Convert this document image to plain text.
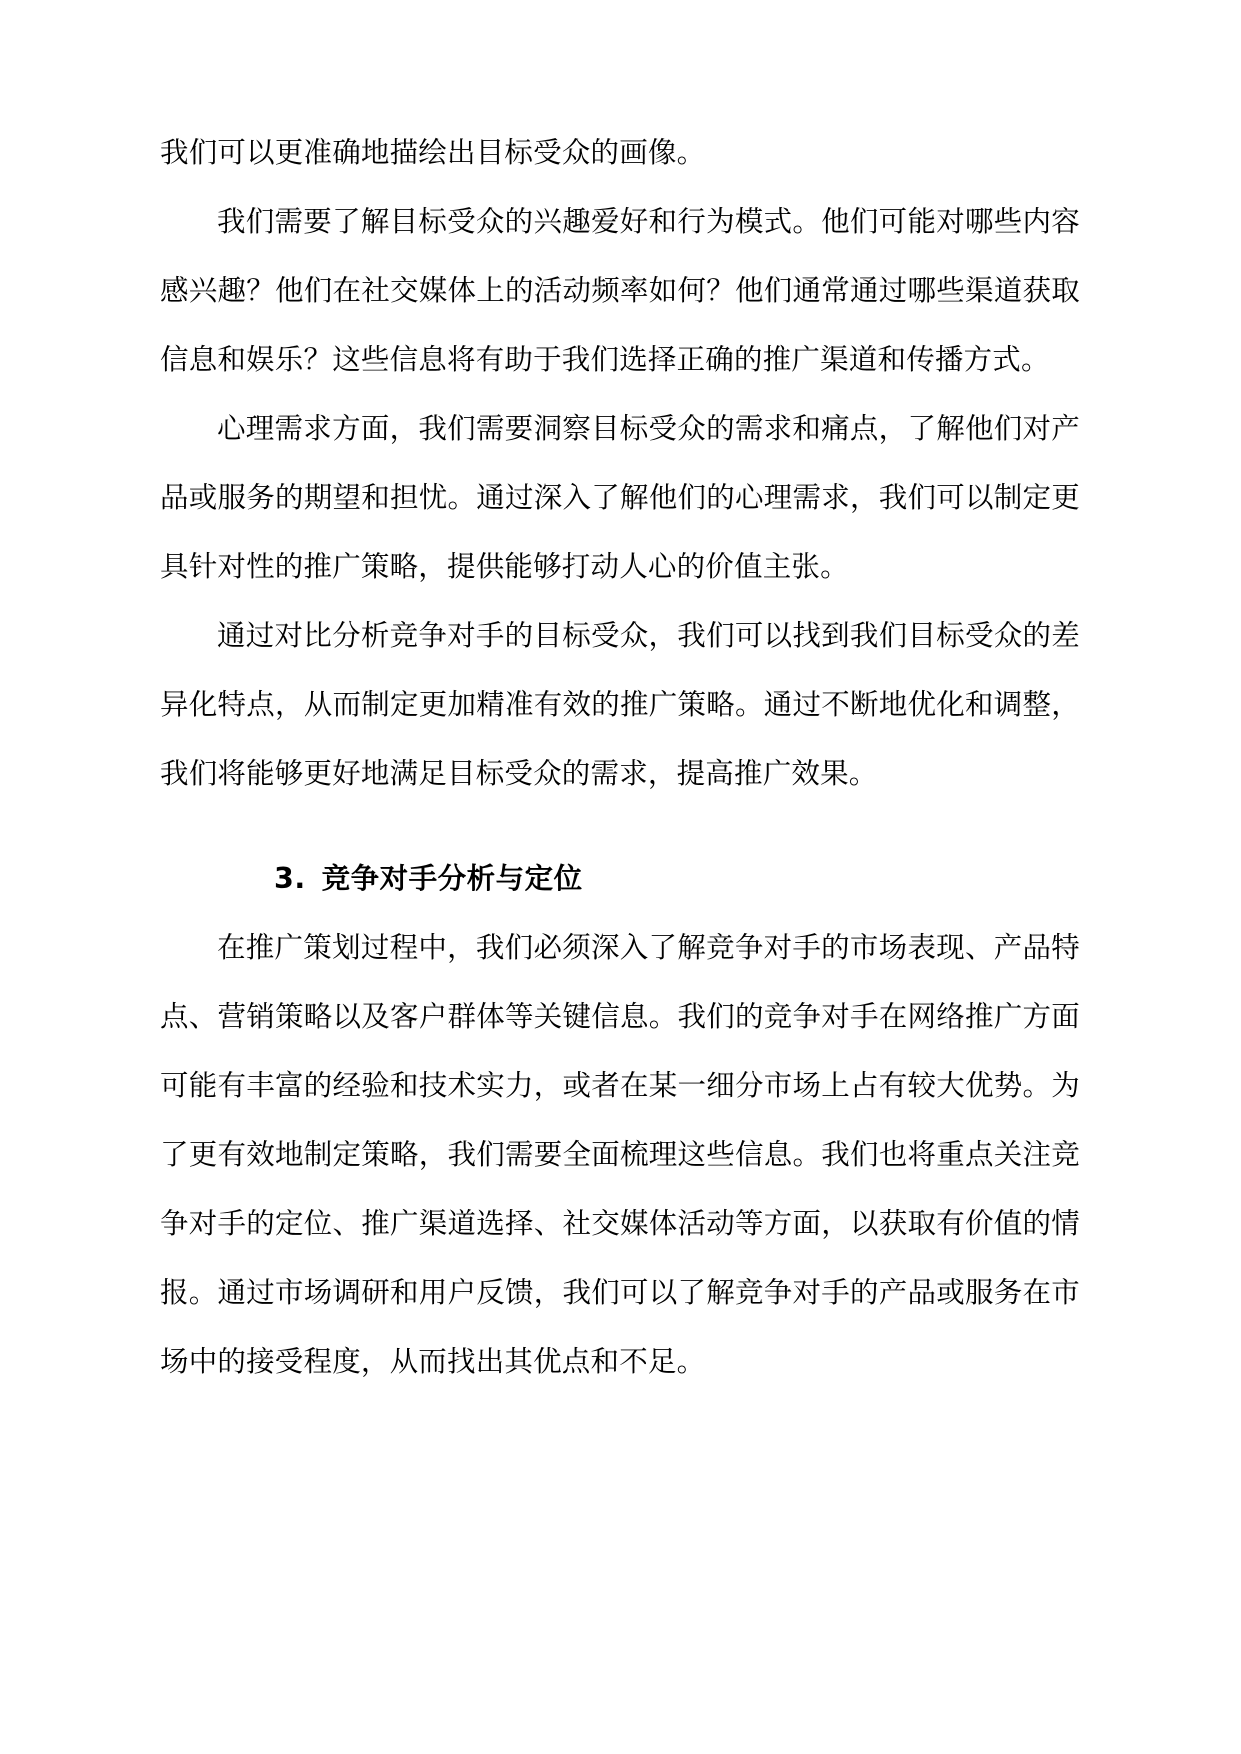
我们可以更准确地描绘出目标受众的画像。

我们需要了解目标受众的兴趣爱好和行为模式。他们可能对哪些内容感兴趣？他们在社交媒体上的活动频率如何？他们通常通过哪些渠道获取信息和娱乐？这些信息将有助于我们选择正确的推广渠道和传播方式。

心理需求方面，我们需要洞察目标受众的需求和痛点，了解他们对产品或服务的期望和担忧。通过深入了解他们的心理需求，我们可以制定更具针对性的推广策略，提供能够打动人心的价值主张。

通过对比分析竞争对手的目标受众，我们可以找到我们目标受众的差异化特点，从而制定更加精准有效的推广策略。通过不断地优化和调整，我们将能够更好地满足目标受众的需求，提高推广效果。

3. 竞争对手分析与定位

在推广策划过程中，我们必须深入了解竞争对手的市场表现、产品特点、营销策略以及客户群体等关键信息。我们的竞争对手在网络推广方面可能有丰富的经验和技术实力，或者在某一细分市场上占有较大优势。为了更有效地制定策略，我们需要全面梳理这些信息。我们也将重点关注竞争对手的定位、推广渠道选择、社交媒体活动等方面，以获取有价值的情报。通过市场调研和用户反馈，我们可以了解竞争对手的产品或服务在市场中的接受程度，从而找出其优点和不足。
